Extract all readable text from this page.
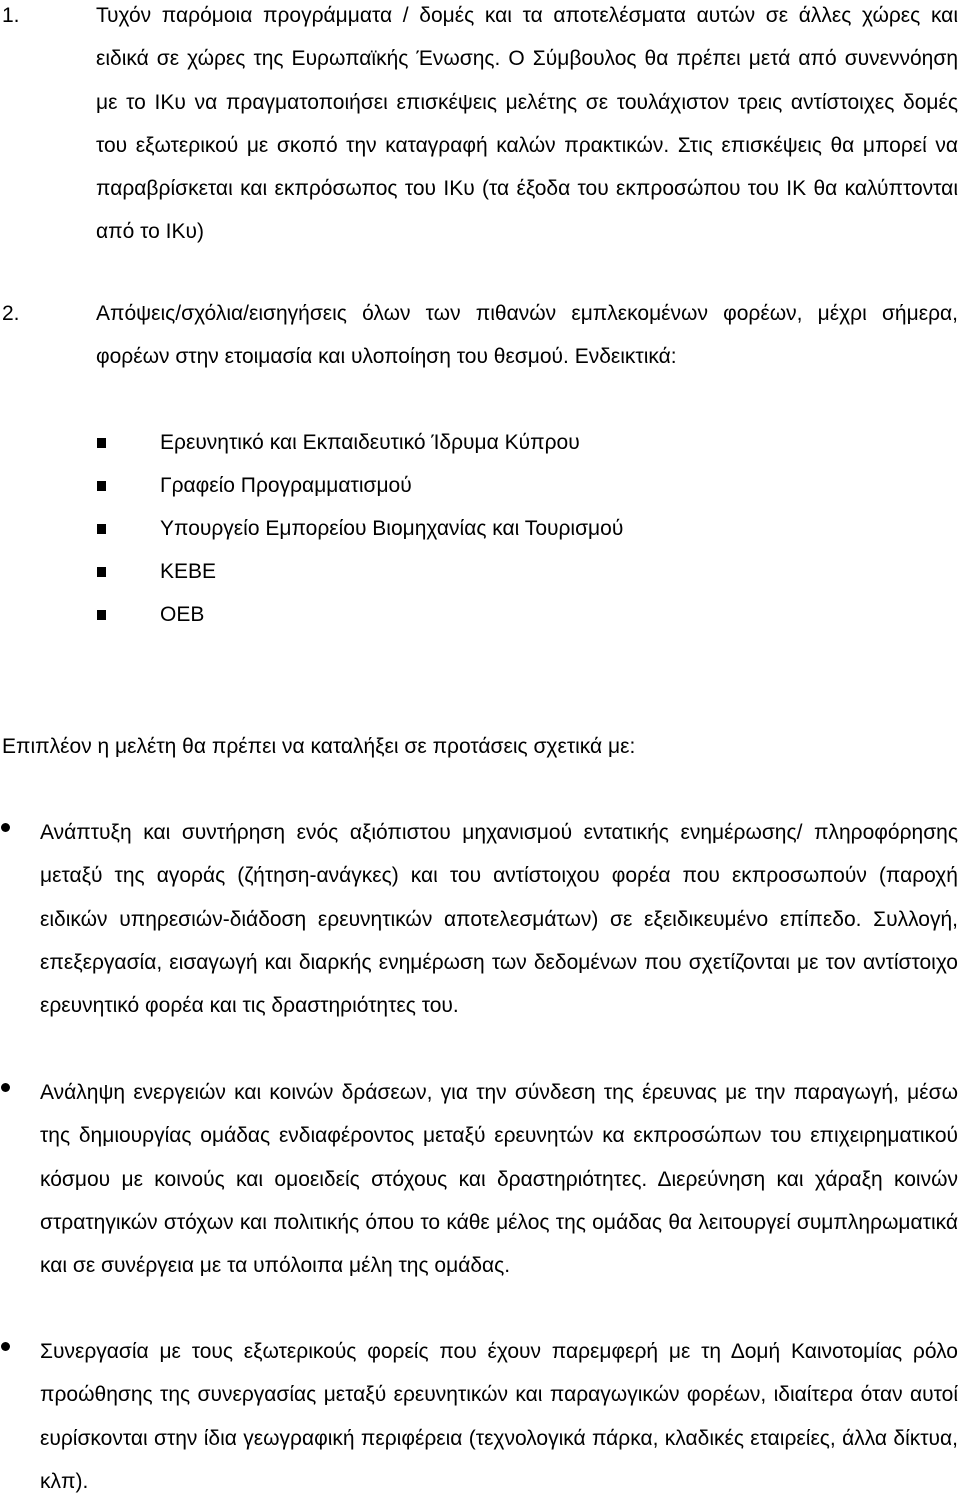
1.	Τυχόν παρόμοια προγράμματα / δομές και τα αποτελέσματα αυτών σε άλλες χώρες και ειδικά σε χώρες της Ευρωπαϊκής Ένωσης. Ο Σύμβουλος θα πρέπει μετά από συνεννόηση με το ΙΚυ να πραγματοποιήσει επισκέψεις μελέτης σε τουλάχιστον τρεις αντίστοιχες δομές του εξωτερικού με σκοπό την καταγραφή καλών πρακτικών. Στις επισκέψεις θα μπορεί να παραβρίσκεται και εκπρόσωπος του ΙΚυ (τα έξοδα του εκπροσώπου του ΙΚ θα καλύπτονται από το ΙΚυ)
2.	Απόψεις/σχόλια/εισηγήσεις όλων των πιθανών εμπλεκομένων φορέων, μέχρι σήμερα, φορέων στην ετοιμασία και υλοποίηση του θεσμού. Ενδεικτικά:
Ερευνητικό και Εκπαιδευτικό Ίδρυμα Κύπρου
Γραφείο Προγραμματισμού
Υπουργείο Εμπορείου Βιομηχανίας και Τουρισμού
ΚΕΒΕ
ΟΕΒ
Επιπλέον η μελέτη θα πρέπει να καταλήξει σε προτάσεις σχετικά με:
Ανάπτυξη και συντήρηση ενός αξιόπιστου μηχανισμού εντατικής ενημέρωσης/ πληροφόρησης μεταξύ της αγοράς (ζήτηση-ανάγκες) και του αντίστοιχου φορέα που εκπροσωπούν (παροχή ειδικών υπηρεσιών-διάδοση ερευνητικών αποτελεσμάτων) σε εξειδικευμένο επίπεδο. Συλλογή, επεξεργασία, εισαγωγή και διαρκής ενημέρωση των δεδομένων που σχετίζονται με τον αντίστοιχο ερευνητικό φορέα και τις δραστηριότητες του.
Ανάληψη ενεργειών και κοινών δράσεων, για την σύνδεση της έρευνας με την παραγωγή, μέσω της δημιουργίας ομάδας ενδιαφέροντος μεταξύ ερευνητών κα εκπροσώπων του επιχειρηματικού κόσμου με κοινούς και ομοειδείς στόχους και δραστηριότητες. Διερεύνηση και χάραξη κοινών στρατηγικών στόχων και πολιτικής όπου το κάθε μέλος της ομάδας θα λειτουργεί συμπληρωματικά και σε συνέργεια με τα υπόλοιπα μέλη της ομάδας.
Συνεργασία με τους εξωτερικούς φορείς που έχουν παρεμφερή με τη Δομή Καινοτομίας ρόλο προώθησης της συνεργασίας μεταξύ ερευνητικών και παραγωγικών φορέων, ιδιαίτερα όταν αυτοί ευρίσκονται στην ίδια γεωγραφική περιφέρεια (τεχνολογικά πάρκα, κλαδικές εταιρείες, άλλα δίκτυα, κλπ).
